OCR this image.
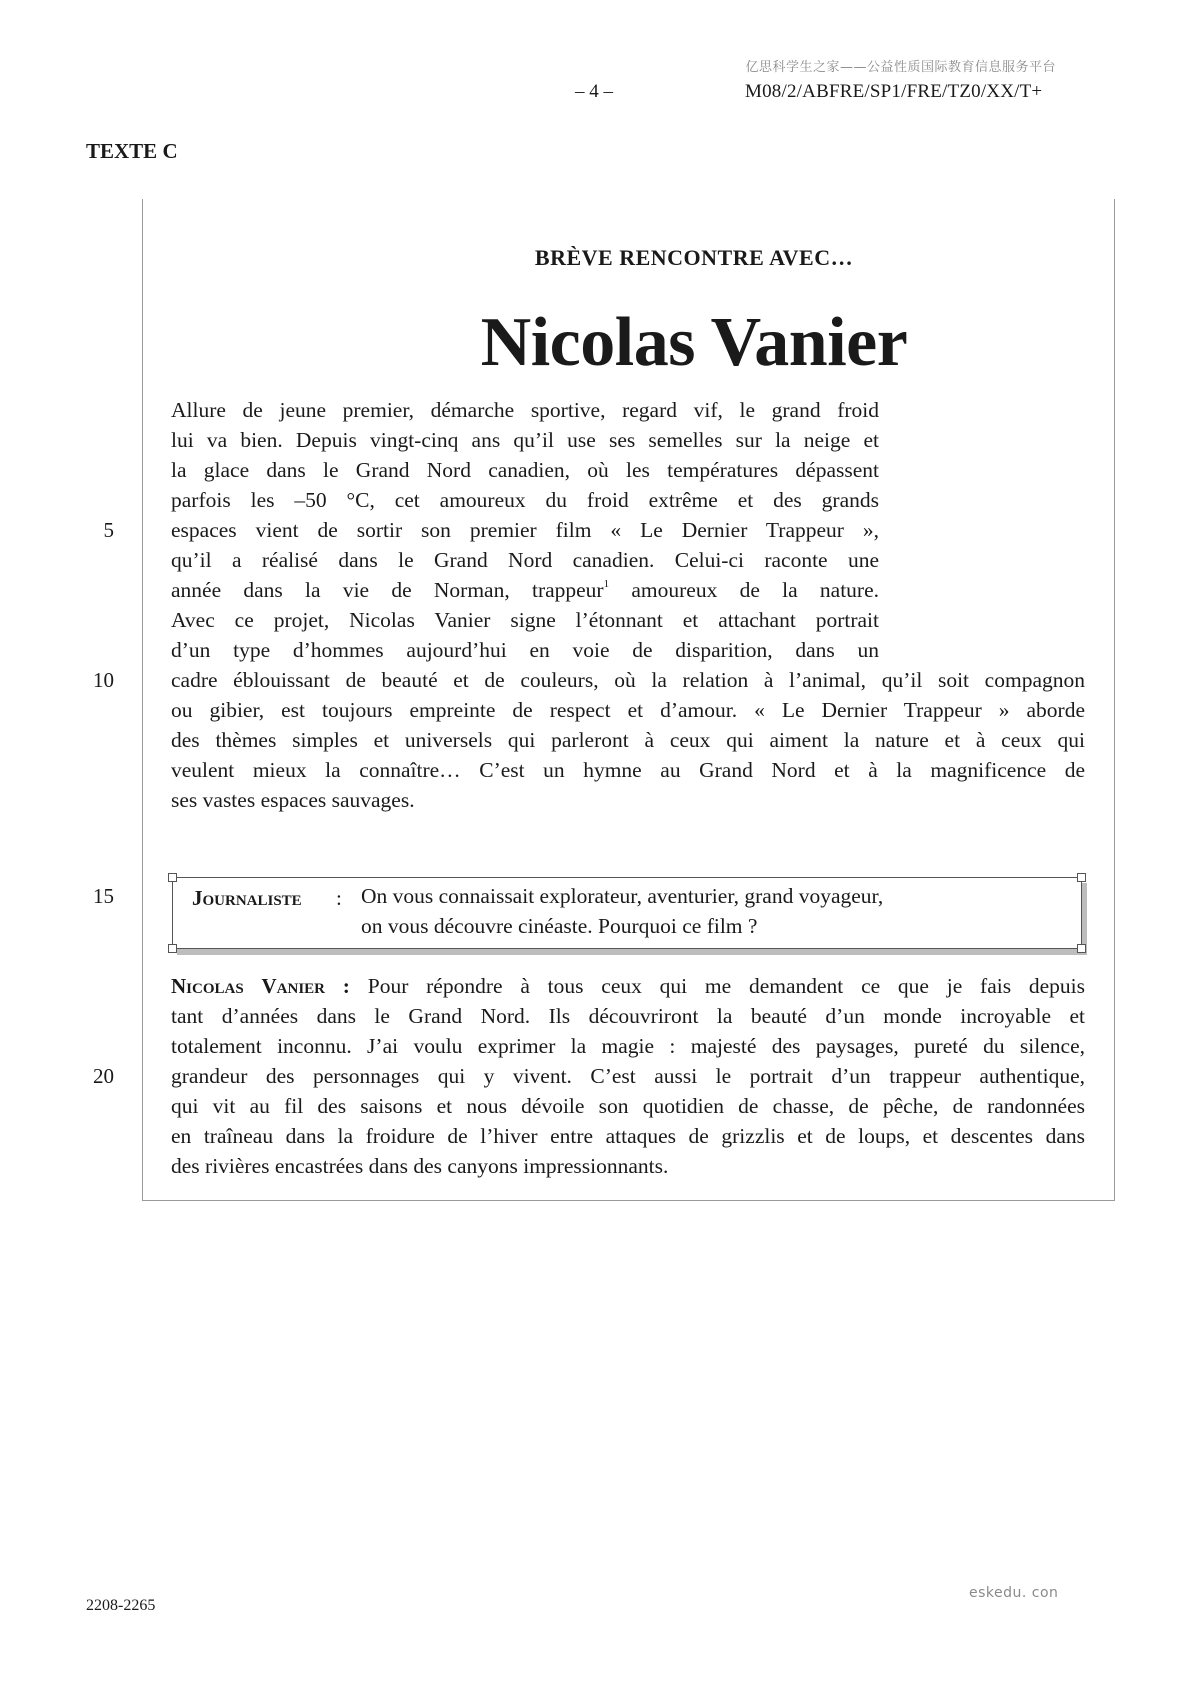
亿思科学生之家——公益性质国际教育信息服务平台
– 4 –	M08/2/ABFRE/SP1/FRE/TZ0/XX/T+
TEXTE C
BRÈVE RENCONTRE AVEC…
Nicolas Vanier
Allure de jeune premier, démarche sportive, regard vif, le grand froid
lui va bien. Depuis vingt-cinq ans qu’il use ses semelles sur la neige et
la glace dans le Grand Nord canadien, où les températures dépassent
parfois les –50 °C, cet amoureux du froid extrême et des grands
espaces vient de sortir son premier film « Le Dernier Trappeur »,
qu’il a réalisé dans le Grand Nord canadien. Celui-ci raconte une
année dans la vie de Norman, trappeur$^1$ amoureux de la nature.
Avec ce projet, Nicolas Vanier signe l’étonnant et attachant portrait
d’un type d’hommes aujourd’hui en voie de disparition, dans un
cadre éblouissant de beauté et de couleurs, où la relation à l’animal, qu’il soit compagnon
ou gibier, est toujours empreinte de respect et d’amour. « Le Dernier Trappeur » aborde
des thèmes simples et universels qui parleront à ceux qui aiment la nature et à ceux qui
veulent mieux la connaître… C’est un hymne au Grand Nord et à la magnificence de
ses vastes espaces sauvages.
5
10
15
20
JOURNALISTE : On vous connaissait explorateur, aventurier, grand voyageur,
on vous découvre cinéaste. Pourquoi ce film ?
NICOLAS VANIER : Pour répondre à tous ceux qui me demandent ce que je fais depuis
tant d’années dans le Grand Nord. Ils découvriront la beauté d’un monde incroyable et
totalement inconnu. J’ai voulu exprimer la magie : majesté des paysages, pureté du silence,
grandeur des personnages qui y vivent. C’est aussi le portrait d’un trappeur authentique,
qui vit au fil des saisons et nous dévoile son quotidien de chasse, de pêche, de randonnées
en traîneau dans la froidure de l’hiver entre attaques de grizzlis et de loups, et descentes dans
des rivières encastrées dans des canyons impressionnants.
2208-2265
eskedu. con
